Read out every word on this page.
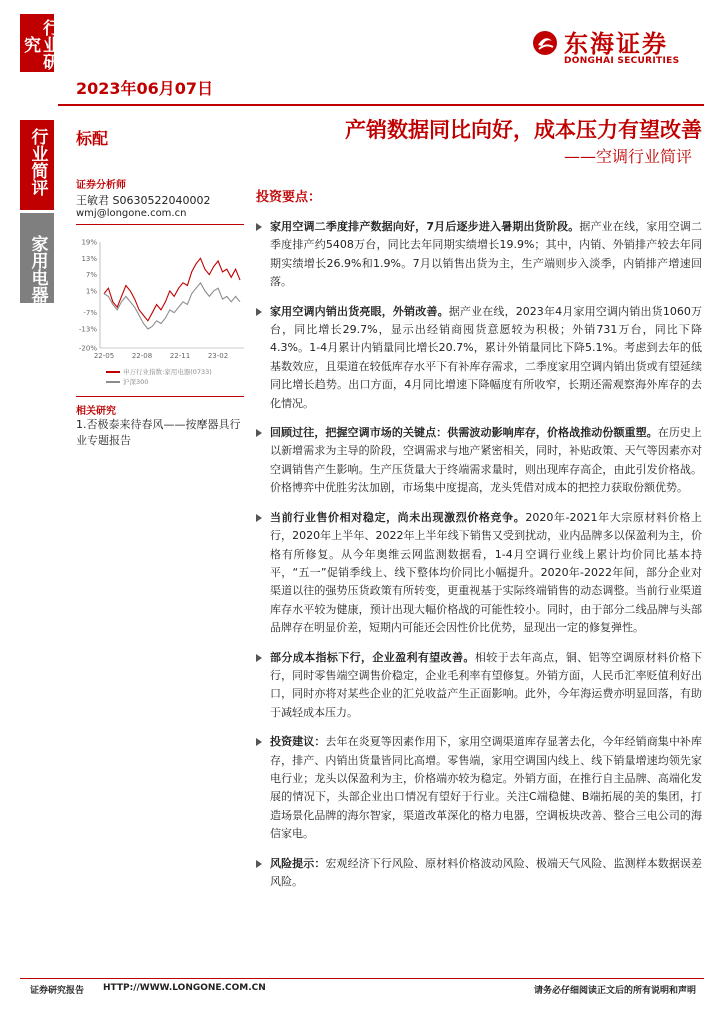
行业研究
行业简评
家用电器
2023年06月07日
东海证券
DONGHAI SECURITIES
标配	产销数据同比向好，成本压力有望改善
——空调行业简评
证券分析师
王敏君 S0630522040002
wmj@longone.com.cn
19%
13%
7%
1%
-7%
-13%
-20%
22-05	22-08	22-11	23-02
申万行业指数:家用电器(0733)
沪深300
相关研究
1.否极泰来待春风——按摩器具行业专题报告
投资要点：
家用空调二季度排产数据向好，7月后逐步进入暑期出货阶段。据产业在线，家用空调二季度排产约5408万台，同比去年同期实绩增长19.9%；其中，内销、外销排产较去年同期实绩增长26.9%和1.9%。7月以销售出货为主，生产端则步入淡季，内销排产增速回落。
家用空调内销出货亮眼，外销改善。据产业在线，2023年4月家用空调内销出货1060万台，同比增长29.7%，显示出经销商囤货意愿较为积极；外销731万台，同比下降4.3%。1-4月累计内销量同比增长20.7%，累计外销量同比下降5.1%。考虑到去年的低基数效应，且渠道在较低库存水平下有补库存需求，二季度家用空调内销出货或有望延续同比增长趋势。出口方面，4月同比增速下降幅度有所收窄，长期还需观察海外库存的去化情况。
回顾过往，把握空调市场的关键点：供需波动影响库存，价格战推动份额重塑。在历史上以新增需求为主导的阶段，空调需求与地产紧密相关，同时，补贴政策、天气等因素亦对空调销售产生影响。生产压货量大于终端需求量时，则出现库存高企，由此引发价格战。价格博弈中优胜劣汰加剧，市场集中度提高，龙头凭借对成本的把控力获取份额优势。
当前行业售价相对稳定，尚未出现激烈价格竞争。2020年-2021年大宗原材料价格上行，2020年上半年、2022年上半年线下销售又受到扰动，业内品牌多以保盈利为主，价格有所修复。从今年奥维云网监测数据看，1-4月空调行业线上累计均价同比基本持平，“五一”促销季线上、线下整体均价同比小幅提升。2020年-2022年间，部分企业对渠道以往的强势压货政策有所转变，更重视基于实际终端销售的动态调整。当前行业渠道库存水平较为健康，预计出现大幅价格战的可能性较小。同时，由于部分二线品牌与头部品牌存在明显价差，短期内可能还会因性价比优势，显现出一定的修复弹性。
部分成本指标下行，企业盈利有望改善。相较于去年高点，铜、铝等空调原材料价格下行，同时零售端空调售价稳定，企业毛利率有望修复。外销方面，人民币汇率贬值利好出口，同时亦将对某些企业的汇兑收益产生正面影响。此外，今年海运费亦明显回落，有助于减轻成本压力。
投资建议：去年在炎夏等因素作用下，家用空调渠道库存显著去化，今年经销商集中补库存，排产、内销出货量皆同比高增。零售端，家用空调国内线上、线下销量增速均领先家电行业；龙头以保盈利为主，价格端亦较为稳定。外销方面，在推行自主品牌、高端化发展的情况下，头部企业出口情况有望好于行业。关注C端稳健、B端拓展的美的集团，打造场景化品牌的海尔智家，渠道改革深化的格力电器，空调板块改善、整合三电公司的海信家电。
风险提示：宏观经济下行风险、原材料价格波动风险、极端天气风险、监测样本数据误差风险。
证券研究报告 HTTP://WWW.LONGONE.COM.CN	请务必仔细阅读正文后的所有说明和声明
